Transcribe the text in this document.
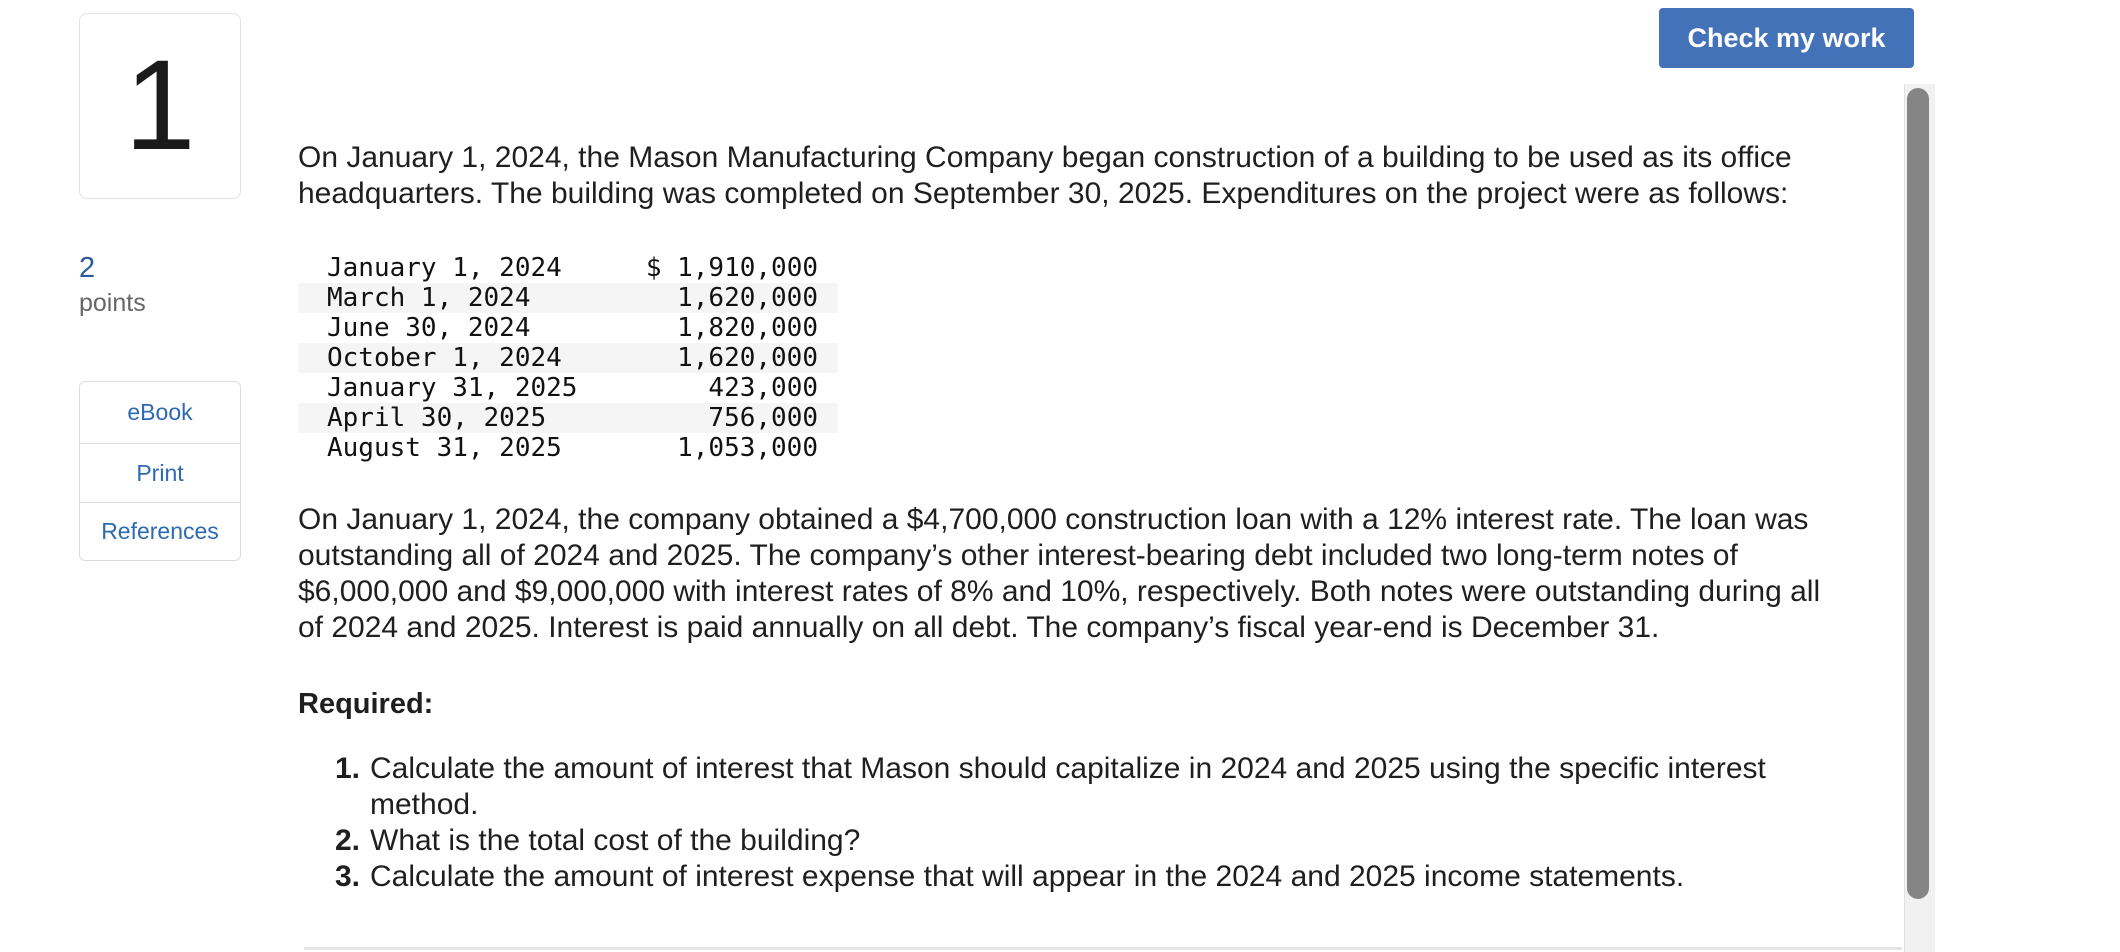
1
2
points
eBook
Print
References
Check my work

On January 1, 2024, the Mason Manufacturing Company began construction of a building to be used as its office
headquarters. The building was completed on September 30, 2025. Expenditures on the project were as follows:

January 1, 2024	$ 1,910,000
March 1, 2024	1,620,000
June 30, 2024	1,820,000
October 1, 2024	1,620,000
January 31, 2025	423,000
April 30, 2025	756,000
August 31, 2025	1,053,000

On January 1, 2024, the company obtained a $4,700,000 construction loan with a 12% interest rate. The loan was
outstanding all of 2024 and 2025. The company’s other interest-bearing debt included two long-term notes of
$6,000,000 and $9,000,000 with interest rates of 8% and 10%, respectively. Both notes were outstanding during all
of 2024 and 2025. Interest is paid annually on all debt. The company’s fiscal year-end is December 31.

Required:
1. Calculate the amount of interest that Mason should capitalize in 2024 and 2025 using the specific interest
method.
2. What is the total cost of the building?
3. Calculate the amount of interest expense that will appear in the 2024 and 2025 income statements.
